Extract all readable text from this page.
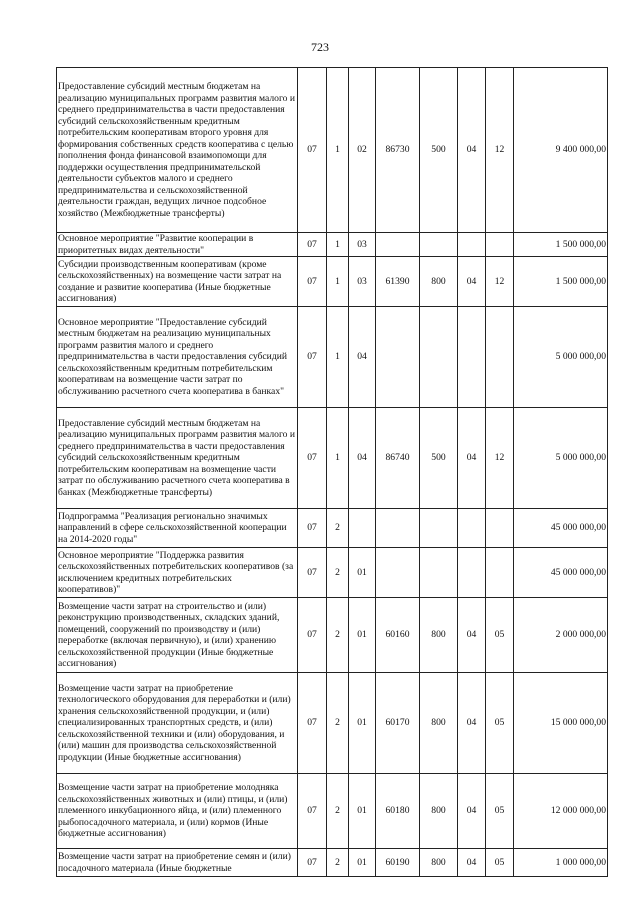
723
Предоставление субсидий местным бюджетам на реализацию муниципальных программ развития малого и среднего предпринимательства в части предоставления субсидий сельскохозяйственным кредитным потребительским кооперативам второго уровня для формирования собственных средств кооператива с целью пополнения фонда финансовой взаимопомощи для поддержки осуществления предпринимательской деятельности субъектов малого и среднего предпринимательства и сельскохозяйственной деятельности граждан, ведущих личное подсобное хозяйство (Межбюджетные трансферты)	07	1	02	86730	500	04	12	9 400 000,00
Основное мероприятие "Развитие кооперации в приоритетных видах деятельности"	07	1	03					1 500 000,00
Субсидии производственным кооперативам (кроме сельскохозяйственных) на возмещение части затрат на создание и развитие кооператива (Иные бюджетные ассигнования)	07	1	03	61390	800	04	12	1 500 000,00
Основное мероприятие "Предоставление субсидий местным бюджетам на реализацию муниципальных программ развития малого и среднего предпринимательства в части предоставления субсидий сельскохозяйственным кредитным потребительским кооперативам на возмещение части затрат по обслуживанию расчетного счета кооператива в банках"	07	1	04					5 000 000,00
Предоставление субсидий местным бюджетам на реализацию муниципальных программ развития малого и среднего предпринимательства в части предоставления субсидий сельскохозяйственным кредитным потребительским кооперативам на возмещение части затрат по обслуживанию расчетного счета кооператива в банках (Межбюджетные трансферты)	07	1	04	86740	500	04	12	5 000 000,00
Подпрограмма "Реализация регионально значимых направлений в сфере сельскохозяйственной кооперации на 2014-2020 годы"	07	2						45 000 000,00
Основное мероприятие "Поддержка развития сельскохозяйственных потребительских кооперативов (за исключением кредитных потребительских кооперативов)"	07	2	01					45 000 000,00
Возмещение части затрат на строительство и (или) реконструкцию производственных, складских зданий, помещений, сооружений по производству и (или) переработке (включая первичную), и (или) хранению сельскохозяйственной продукции (Иные бюджетные ассигнования)	07	2	01	60160	800	04	05	2 000 000,00
Возмещение части затрат на приобретение технологического оборудования для переработки и (или) хранения сельскохозяйственной продукции, и (или) специализированных транспортных средств, и (или) сельскохозяйственной техники и (или) оборудования, и (или) машин для производства сельскохозяйственной продукции (Иные бюджетные ассигнования)	07	2	01	60170	800	04	05	15 000 000,00
Возмещение части затрат на приобретение молодняка сельскохозяйственных животных и (или) птицы, и (или) племенного инкубационного яйца, и (или) племенного рыбопосадочного материала, и (или) кормов (Иные бюджетные ассигнования)	07	2	01	60180	800	04	05	12 000 000,00
Возмещение части затрат на приобретение семян и (или) посадочного материала (Иные бюджетные	07	2	01	60190	800	04	05	1 000 000,00
